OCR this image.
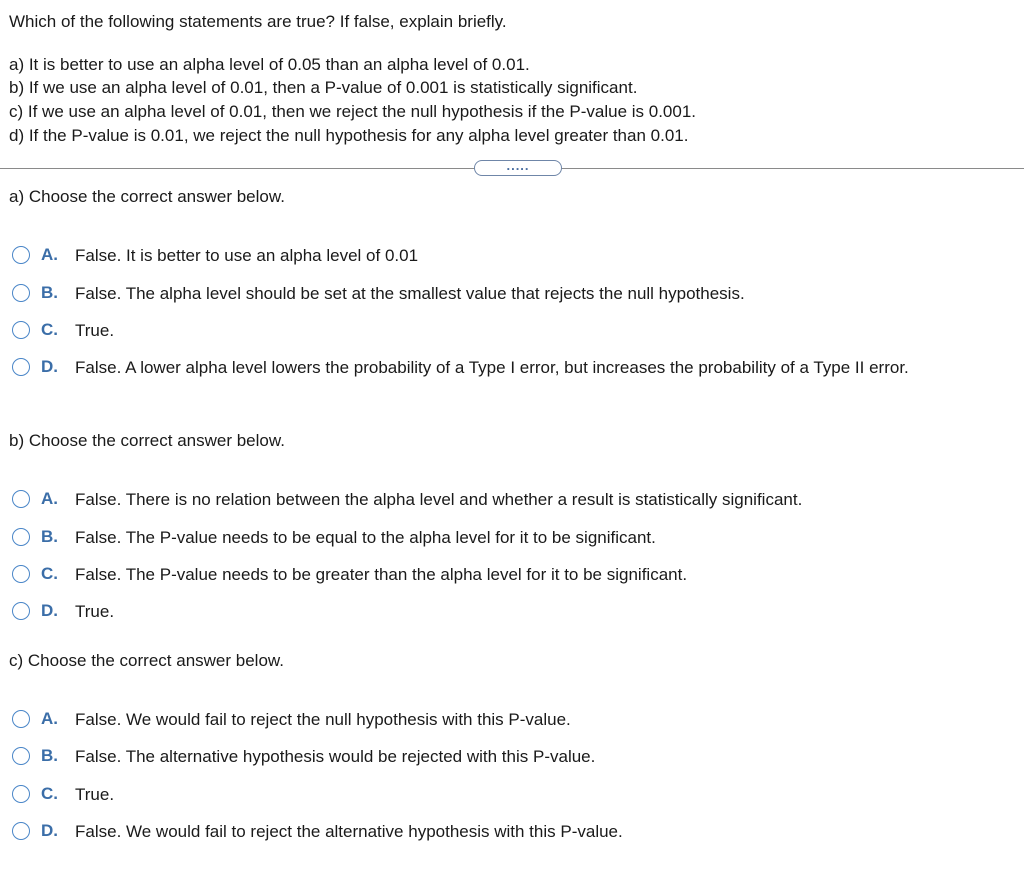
Which of the following statements are true? If false, explain briefly.
a) It is better to use an alpha level of 0.05 than an alpha level of 0.01.
b) If we use an alpha level of 0.01, then a P-value of 0.001 is statistically significant.
c) If we use an alpha level of 0.01, then we reject the null hypothesis if the P-value is 0.001.
d) If the P-value is 0.01, we reject the null hypothesis for any alpha level greater than 0.01.
.....
a) Choose the correct answer below.
A. False. It is better to use an alpha level of 0.01
B. False. The alpha level should be set at the smallest value that rejects the null hypothesis.
C. True.
D. False. A lower alpha level lowers the probability of a Type I error, but increases the probability of a Type II error.
b) Choose the correct answer below.
A. False. There is no relation between the alpha level and whether a result is statistically significant.
B. False. The P-value needs to be equal to the alpha level for it to be significant.
C. False. The P-value needs to be greater than the alpha level for it to be significant.
D. True.
c) Choose the correct answer below.
A. False. We would fail to reject the null hypothesis with this P-value.
B. False. The alternative hypothesis would be rejected with this P-value.
C. True.
D. False. We would fail to reject the alternative hypothesis with this P-value.
